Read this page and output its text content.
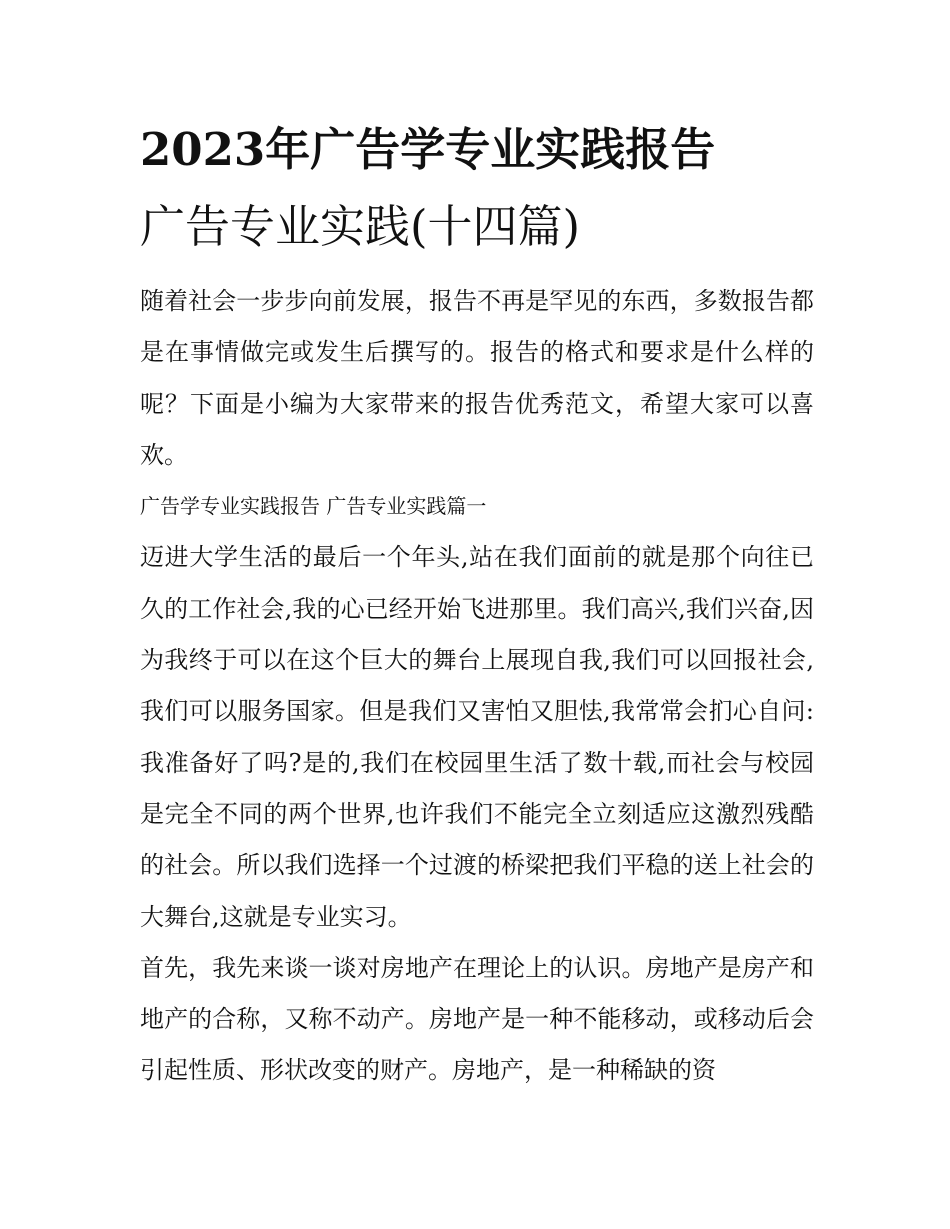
2023年广告学专业实践报告
广告专业实践(十四篇)

随着社会一步步向前发展，报告不再是罕见的东西，多数报告都是在事情做完或发生后撰写的。报告的格式和要求是什么样的呢？下面是小编为大家带来的报告优秀范文，希望大家可以喜欢。

广告学专业实践报告 广告专业实践篇一

迈进大学生活的最后一个年头,站在我们面前的就是那个向往已久的工作社会,我的心已经开始飞进那里。我们高兴,我们兴奋,因为我终于可以在这个巨大的舞台上展现自我,我们可以回报社会,我们可以服务国家。但是我们又害怕又胆怯,我常常会扪心自问:我准备好了吗?是的,我们在校园里生活了数十载,而社会与校园是完全不同的两个世界,也许我们不能完全立刻适应这激烈残酷的社会。所以我们选择一个过渡的桥梁把我们平稳的送上社会的大舞台,这就是专业实习。

首先，我先来谈一谈对房地产在理论上的认识。房地产是房产和地产的合称，又称不动产。房地产是一种不能移动，或移动后会引起性质、形状改变的财产。房地产，是一种稀缺的资
